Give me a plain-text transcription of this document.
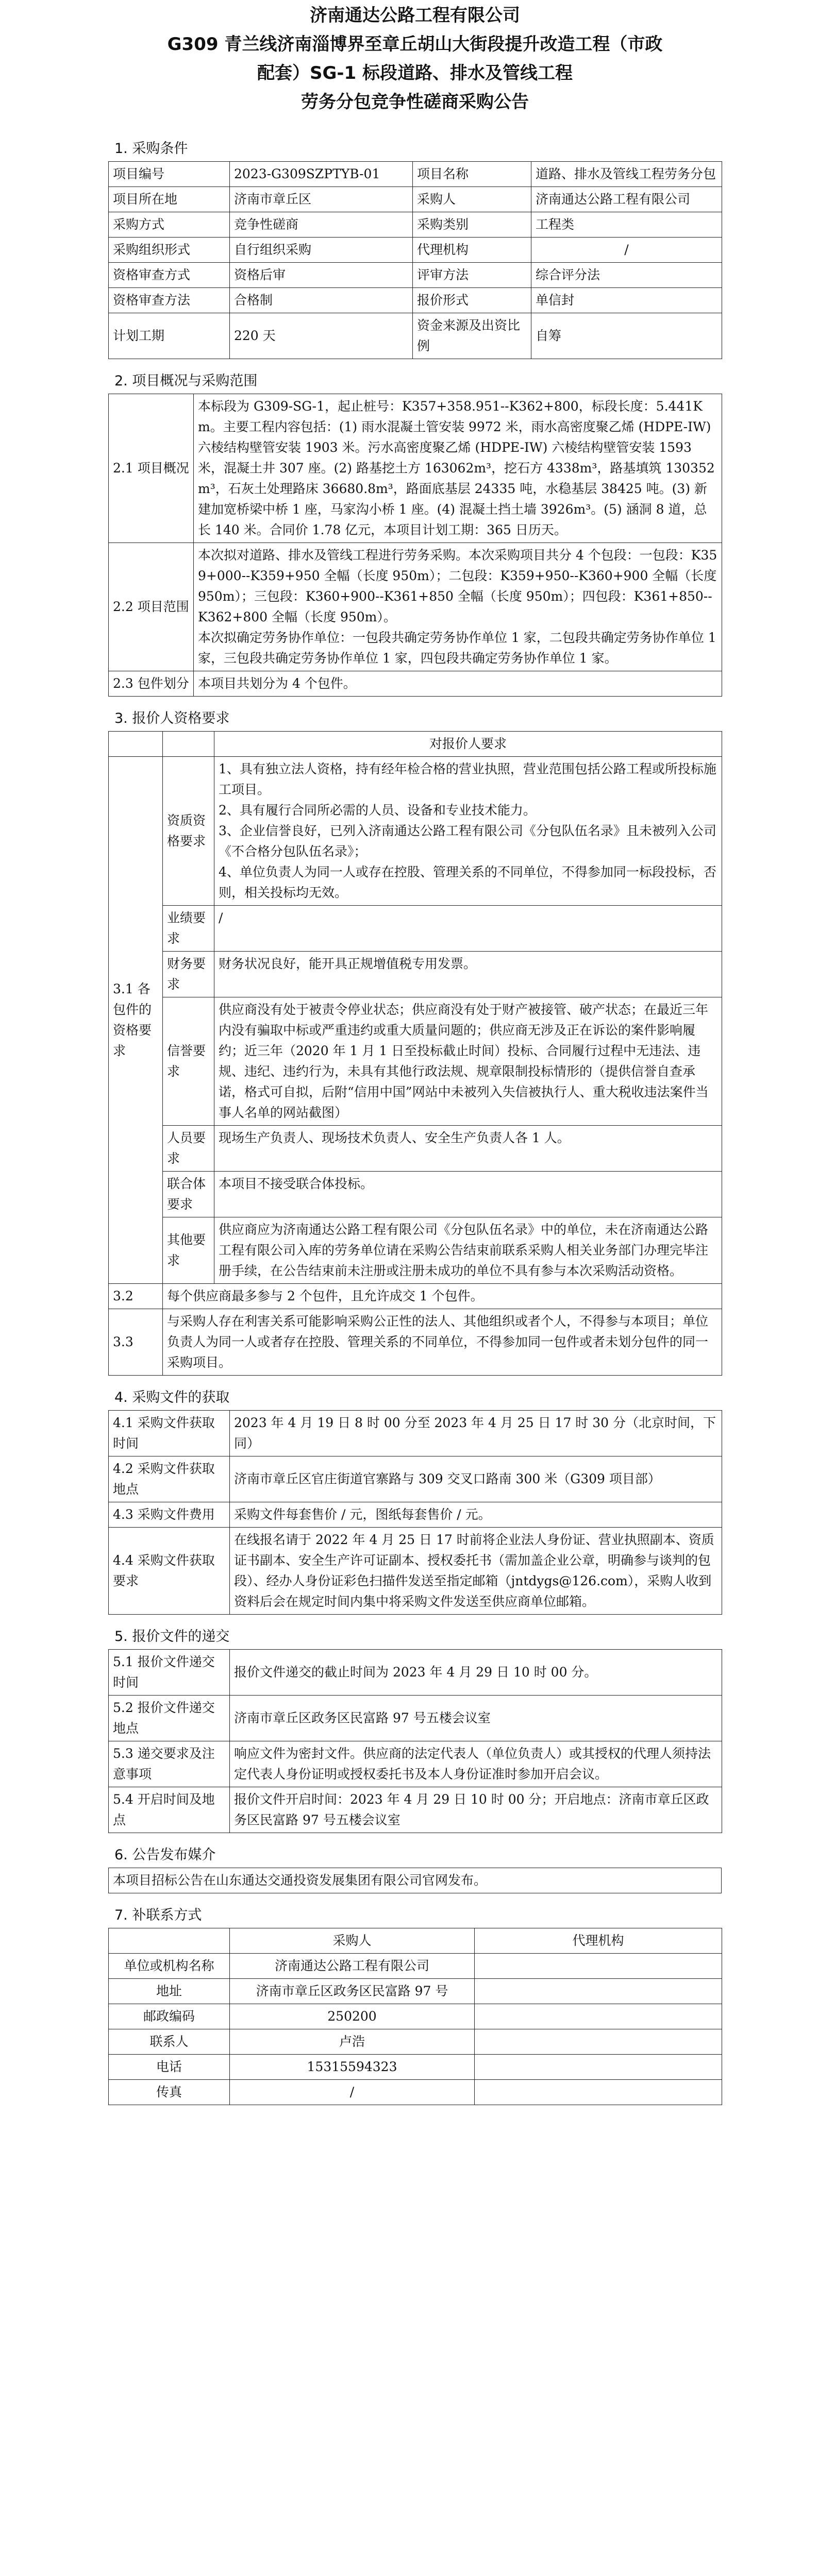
济南通达公路工程有限公司
G309 青兰线济南淄博界至章丘胡山大街段提升改造工程（市政
配套）SG-1 标段道路、排水及管线工程
劳务分包竞争性磋商采购公告
1. 采购条件
项目编号	2023-G309SZPTYB-01	项目名称	道路、排水及管线工程劳务分包
项目所在地	济南市章丘区	采购人	济南通达公路工程有限公司
采购方式	竞争性磋商	采购类别	工程类
采购组织形式	自行组织采购	代理机构	/
资格审查方式	资格后审	评审方法	综合评分法
资格审查方法	合格制	报价形式	单信封
计划工期	220 天	资金来源及出资比例	自筹
2. 项目概况与采购范围
2.1 项目概况	本标段为 G309-SG-1，起止桩号：K357+358.951--K362+800，标段长度：5.441Km。主要工程内容包括：(1) 雨水混凝土管安装 9972 米，雨水高密度聚乙烯 (HDPE-IW) 六棱结构壁管安装 1903 米。污水高密度聚乙烯 (HDPE-IW) 六棱结构壁管安装 1593 米，混凝土井 307 座。(2) 路基挖土方 163062m³，挖石方 4338m³，路基填筑 130352m³，石灰土处理路床 36680.8m³，路面底基层 24335 吨，水稳基层 38425 吨。(3) 新建加宽桥梁中桥 1 座，马家沟小桥 1 座。(4) 混凝土挡土墙 3926m³。(5) 涵洞 8 道，总长 140 米。合同价 1.78 亿元，本项目计划工期：365 日历天。
2.2 项目范围	本次拟对道路、排水及管线工程进行劳务采购。本次采购项目共分 4 个包段：一包段：K359+000--K359+950 全幅（长度 950m）；二包段：K359+950--K360+900 全幅（长度 950m）；三包段：K360+900--K361+850 全幅（长度 950m）；四包段：K361+850--K362+800 全幅（长度 950m）。

本次拟确定劳务协作单位：一包段共确定劳务协作单位 1 家，二包段共确定劳务协作单位 1 家，三包段共确定劳务协作单位 1 家，四包段共确定劳务协作单位 1 家。

2.3 包件划分	本项目共划分为 4 个包件。
3. 报价人资格要求
		对报价人要求
3.1 各包件的资格要求	资质资格要求	1、具有独立法人资格，持有经年检合格的营业执照，营业范围包括公路工程或所投标施工项目。

2、具有履行合同所必需的人员、设备和专业技术能力。

3、企业信誉良好，已列入济南通达公路工程有限公司《分包队伍名录》且未被列入公司《不合格分包队伍名录》；

4、单位负责人为同一人或存在控股、管理关系的不同单位，不得参加同一标段投标，否则，相关投标均无效。

	业绩要求	/

	财务要求	财务状况良好，能开具正规增值税专用发票。

	信誉要求	供应商没有处于被责令停业状态；供应商没有处于财产被接管、破产状态；在最近三年内没有骗取中标或严重违约或重大质量问题的；供应商无涉及正在诉讼的案件影响履约；近三年（2020 年 1 月 1 日至投标截止时间）投标、合同履行过程中无违法、违规、违纪、违约行为，未具有其他行政法规、规章限制投标情形的（提供信誉自查承诺，格式可自拟，后附“信用中国”网站中未被列入失信被执行人、重大税收违法案件当事人名单的网站截图）

	人员要求	现场生产负责人、现场技术负责人、安全生产负责人各 1 人。

	联合体要求	本项目不接受联合体投标。

	其他要求	供应商应为济南通达公路工程有限公司《分包队伍名录》中的单位，未在济南通达公路工程有限公司入库的劳务单位请在采购公告结束前联系采购人相关业务部门办理完毕注册手续，在公告结束前未注册或注册未成功的单位不具有参与本次采购活动资格。

3.2	每个供应商最多参与 2 个包件，且允许成交 1 个包件。	
3.3	与采购人存在利害关系可能影响采购公正性的法人、其他组织或者个人，不得参与本项目；单位负责人为同一人或者存在控股、管理关系的不同单位，不得参加同一包件或者未划分包件的同一采购项目。	
4. 采购文件的获取
4.1 采购文件获取时间	2023 年 4 月 19 日 8 时 00 分至 2023 年 4 月 25 日 17 时 30 分（北京时间，下同）
4.2 采购文件获取地点	济南市章丘区官庄街道官寨路与 309 交叉口路南 300 米（G309 项目部）
4.3 采购文件费用	采购文件每套售价 / 元，图纸每套售价 / 元。
4.4 采购文件获取要求	在线报名请于 2022 年 4 月 25 日 17 时前将企业法人身份证、营业执照副本、资质证书副本、安全生产许可证副本、授权委托书（需加盖企业公章，明确参与谈判的包段）、经办人身份证彩色扫描件发送至指定邮箱（jntdygs@126.com），采购人收到资料后会在规定时间内集中将采购文件发送至供应商单位邮箱。
5. 报价文件的递交
5.1 报价文件递交时间	报价文件递交的截止时间为 2023 年 4 月 29 日 10 时 00 分。
5.2 报价文件递交地点	济南市章丘区政务区民富路 97 号五楼会议室
5.3 递交要求及注意事项	响应文件为密封文件。供应商的法定代表人（单位负责人）或其授权的代理人须持法定代表人身份证明或授权委托书及本人身份证准时参加开启会议。
5.4 开启时间及地点	报价文件开启时间：2023 年 4 月 29 日 10 时 00 分；开启地点：济南市章丘区政务区民富路 97 号五楼会议室
6. 公告发布媒介
本项目招标公告在山东通达交通投资发展集团有限公司官网发布。
7. 补联系方式
	采购人	代理机构
单位或机构名称	济南通达公路工程有限公司	
地址	济南市章丘区政务区民富路 97 号	
邮政编码	250200	
联系人	卢浩	
电话	15315594323	
传真	/	
